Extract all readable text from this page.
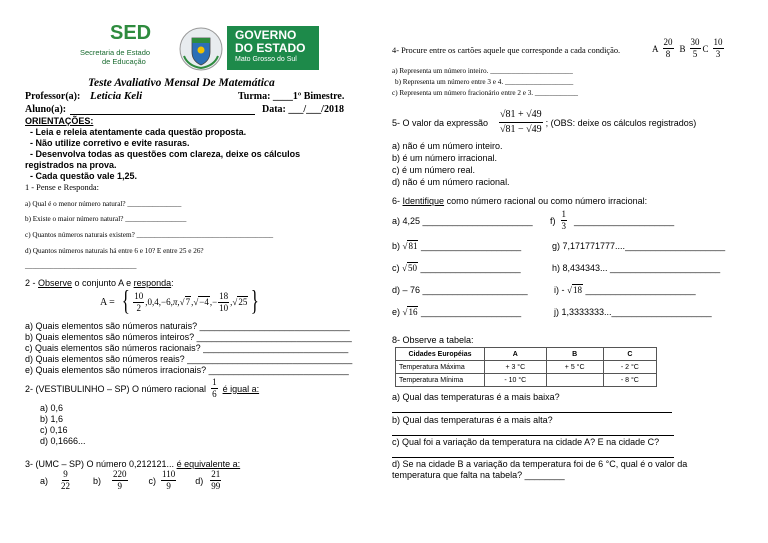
SED
Secretaria de Estado
de Educação
GOVERNO
DO ESTADO
Mato Grosso do Sul
Teste Avaliativo Mensal De Matemática
Professor(a): Leticia Keli	Turma: ____1º Bimestre.
Aluno(a):	Data: ___/___/2018
ORIENTAÇÕES:
- Leia e releia atentamente cada questão proposta.
- Não utilize corretivo e evite rasuras.
- Desenvolva todas as questões com clareza, deixe os cálculos
registrados na prova.
- Cada questão vale 1,25.
1 - Pense e Responda:
a) Qual é o menor número natural? _______________
b) Existe o maior número natural? _________________
c) Quantos números naturais existem? ______________________________________
d) Quantos números naturais há entre 6 e 10? E entre 25 e 26?
_______________________________
2 - Observe o conjunto A e responda:
A = { $\frac{10}{2} ,0,4,-6$, π, √7, $√-4,- \frac{18}{10} ,√25$ }
a) Quais elementos são números naturais? ______________________________
b) Quais elementos são números inteiros? _______________________________
c) Quais elementos são números racionais? _____________________________
d) Quais elementos são números reais? _________________________________
e) Quais elementos são números irracionais? ____________________________
2- (VESTIBULINHO – SP) O número racional $\frac{1}{6}$ é igual a:
a) 0,6
b) 1,6
c) 0,16
d) 0,1666...
3- (UMC – SP) O número 0,212121... é equivalente a:
$a) \frac{9}{22}$	$b) \frac{220}{9} c) \frac{110}{9} d) \frac{21}{99}$
4- Procure entre os cartões aquele que corresponde a cada condição.	A $\frac{20}{8}$ B $\frac{30}{5}$ C $\frac{10}{3}$
a) Representa um número inteiro. _______________________
b) Representa um número entre 3 e 4. ___________________
c) Representa um número fracionário entre 2 e 3. ____________
5- O valor da expressão $\frac{√81 + √49}{√81 - √49}$ ; (OBS: deixe os cálculos registrados)
a) não é um número inteiro.
b) é um número irracional.
c) é um número real.
d) não é um número racional.
6- Identifique como número racional ou como número irracional:
a) 4,25 ______________________
b) √81 ____________________
c) √50 ____________________
d) – 76 _____________________
e) √16 ____________________
$f) \frac{1}{3}$ ____________________
g) 7,171771777....____________________
h) 8,434343... ______________________
i) - √18 ______________________
j) 1,3333333...____________________
8- Observe a tabela:
Cidades Européias	A	B	C
Temperatura Máxima	+ 3 °C	+ 5 °C	- 2 °C
Temperatura Mínima	- 10 °C		- 8 °C
a) Qual das temperaturas é a mais baixa?
b) Qual das temperaturas é a mais alta?
c) Qual foi a variação da temperatura na cidade A? E na cidade C?
d) Se na cidade B a variação da temperatura foi de 6 °C, qual é o valor da
temperatura que falta na tabela? ________
